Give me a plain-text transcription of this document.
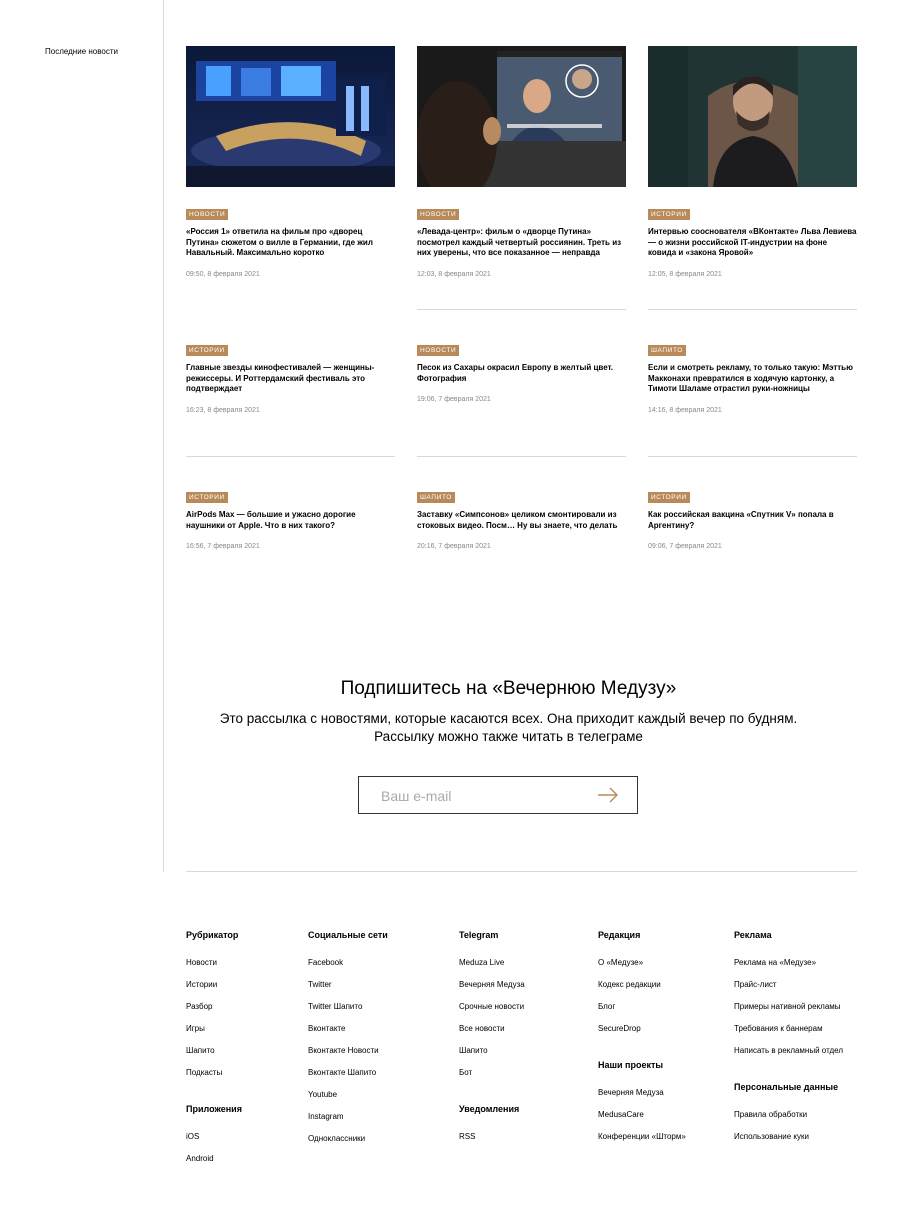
Последние новости
НОВОСТИ
«Россия 1» ответила на фильм про «дворец Путина» сюжетом о вилле в Германии, где жил Навальный. Максимально коротко
09:50, 8 февраля 2021
НОВОСТИ
«Левада-центр»: фильм о «дворце Путина» посмотрел каждый четвертый россиянин. Треть из них уверены, что все показанное — неправда
12:03, 8 февраля 2021
ИСТОРИИ
Интервью сооснователя «ВКонтакте» Льва Левиева — о жизни российской IT-индустрии на фоне ковида и «закона Яровой»
12:05, 8 февраля 2021
ИСТОРИИ
Главные звезды кинофестивалей — женщины-режиссеры. И Роттердамский фестиваль это подтверждает
16:23, 8 февраля 2021
НОВОСТИ
Песок из Сахары окрасил Европу в желтый цвет. Фотография
19:06, 7 февраля 2021
ШАПИТО
Если и смотреть рекламу, то только такую: Мэттью Макконахи превратился в ходячую картонку, а Тимоти Шаламе отрастил руки-ножницы
14:16, 8 февраля 2021
ИСТОРИИ
AirPods Max — большие и ужасно дорогие наушники от Apple. Что в них такого?
16:56, 7 февраля 2021
ШАПИТО
Заставку «Симпсонов» целиком смонтировали из стоковых видео. Посм… Ну вы знаете, что делать
20:16, 7 февраля 2021
ИСТОРИИ
Как российская вакцина «Спутник V» попала в Аргентину?
09:06, 7 февраля 2021
Подпишитесь на «Вечернюю Медузу»
Это рассылка с новостями, которые касаются всех. Она приходит каждый вечер по будням.
Рассылку можно также читать в телеграме
Ваш e-mail
Рубрикатор
Новости
Истории
Разбор
Игры
Шапито
Подкасты
Приложения
iOS
Android
Социальные сети
Facebook
Twitter
Twitter Шапито
Вконтакте
Вконтакте Новости
Вконтакте Шапито
Youtube
Instagram
Одноклассники
Telegram
Meduza Live
Вечерняя Медуза
Срочные новости
Все новости
Шапито
Бот
Уведомления
RSS
Редакция
О «Медузе»
Кодекс редакции
Блог
SecureDrop
Наши проекты
Вечерняя Медуза
MedusaCare
Конференции «Шторм»
Реклама
Реклама на «Медузе»
Прайс-лист
Примеры нативной рекламы
Требования к баннерам
Написать в рекламный отдел
Персональные данные
Правила обработки
Использование куки
